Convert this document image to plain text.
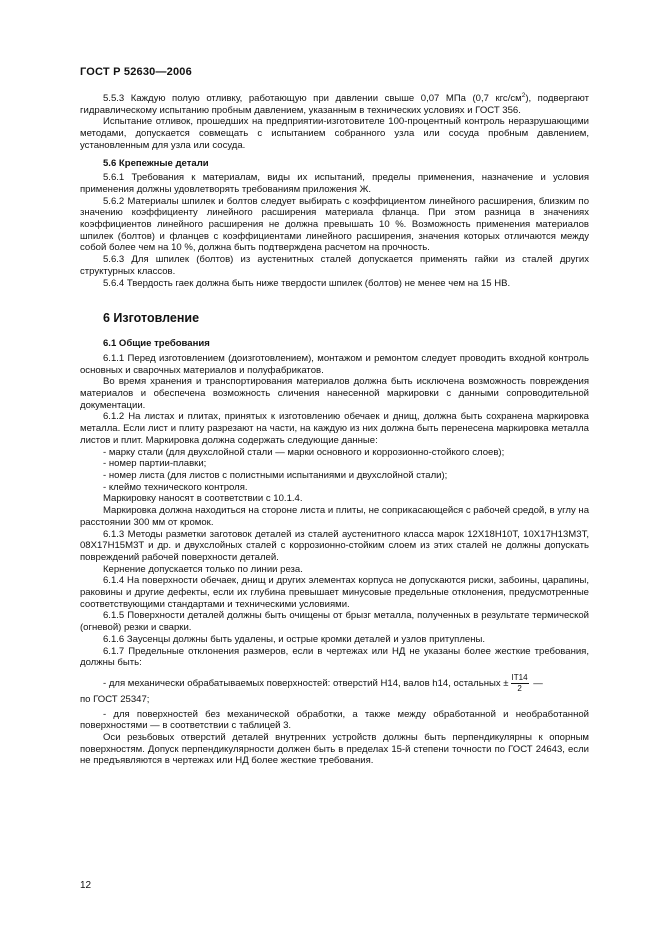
ГОСТ Р 52630—2006

5.5.3 Каждую полую отливку, работающую при давлении свыше 0,07 МПа (0,7 кгс/$см^2$), подвергают гидравлическому испытанию пробным давлением, указанным в технических условиях и ГОСТ 356.

Испытание отливок, прошедших на предприятии-изготовителе 100-процентный контроль неразрушающими методами, допускается совмещать с испытанием собранного узла или сосуда пробным давлением, установленным для узла или сосуда.

5.6 Крепежные детали

5.6.1 Требования к материалам, виды их испытаний, пределы применения, назначение и условия применения должны удовлетворять требованиям приложения Ж.

5.6.2 Материалы шпилек и болтов следует выбирать с коэффициентом линейного расширения, близким по значению коэффициенту линейного расширения материала фланца. При этом разница в значениях коэффициентов линейного расширения не должна превышать 10 %. Возможность применения материалов шпилек (болтов) и фланцев с коэффициентами линейного расширения, значения которых отличаются между собой более чем на 10 %, должна быть подтверждена расчетом на прочность.

5.6.3 Для шпилек (болтов) из аустенитных сталей допускается применять гайки из сталей других структурных классов.

5.6.4 Твердость гаек должна быть ниже твердости шпилек (болтов) не менее чем на 15 НВ.

6 Изготовление

6.1 Общие требования

6.1.1 Перед изготовлением (доизготовлением), монтажом и ремонтом следует проводить входной контроль основных и сварочных материалов и полуфабрикатов.

Во время хранения и транспортирования материалов должна быть исключена возможность повреждения материалов и обеспечена возможность сличения нанесенной маркировки с данными сопроводительной документации.

6.1.2 На листах и плитах, принятых к изготовлению обечаек и днищ, должна быть сохранена маркировка металла. Если лист и плиту разрезают на части, на каждую из них должна быть перенесена маркировка металла листов и плит. Маркировка должна содержать следующие данные:

- марку стали (для двухслойной стали — марки основного и коррозионно-стойкого слоев);

- номер партии-плавки;

- номер листа (для листов с полистными испытаниями и двухслойной стали);

- клеймо технического контроля.

Маркировку наносят в соответствии с 10.1.4.

Маркировка должна находиться на стороне листа и плиты, не соприкасающейся с рабочей средой, в углу на расстоянии 300 мм от кромок.

6.1.3 Методы разметки заготовок деталей из сталей аустенитного класса марок 12Х18Н10Т, 10Х17Н13М3Т, 08Х17Н15М3Т и др. и двухслойных сталей с коррозионно-стойким слоем из этих сталей не должны допускать повреждений рабочей поверхности деталей.

Кернение допускается только по линии реза.

6.1.4 На поверхности обечаек, днищ и других элементах корпуса не допускаются риски, забоины, царапины, раковины и другие дефекты, если их глубина превышает минусовые предельные отклонения, предусмотренные соответствующими стандартами и техническими условиями.

6.1.5 Поверхности деталей должны быть очищены от брызг металла, полученных в результате термической (огневой) резки и сварки.

6.1.6 Заусенцы должны быть удалены, и острые кромки деталей и узлов притуплены.

6.1.7 Предельные отклонения размеров, если в чертежах или НД не указаны более жесткие требования, должны быть:

- для механически обрабатываемых поверхностей: отверстий Н14, валов h14, остальных ± $\frac{IT14}{2}$ —

по ГОСТ 25347;

- для поверхностей без механической обработки, а также между обработанной и необработанной поверхностями — в соответствии с таблицей 3.

Оси резьбовых отверстий деталей внутренних устройств должны быть перпендикулярны к опорным поверхностям. Допуск перпендикулярности должен быть в пределах 15-й степени точности по ГОСТ 24643, если не предъявляются в чертежах или НД более жесткие требования.

12
